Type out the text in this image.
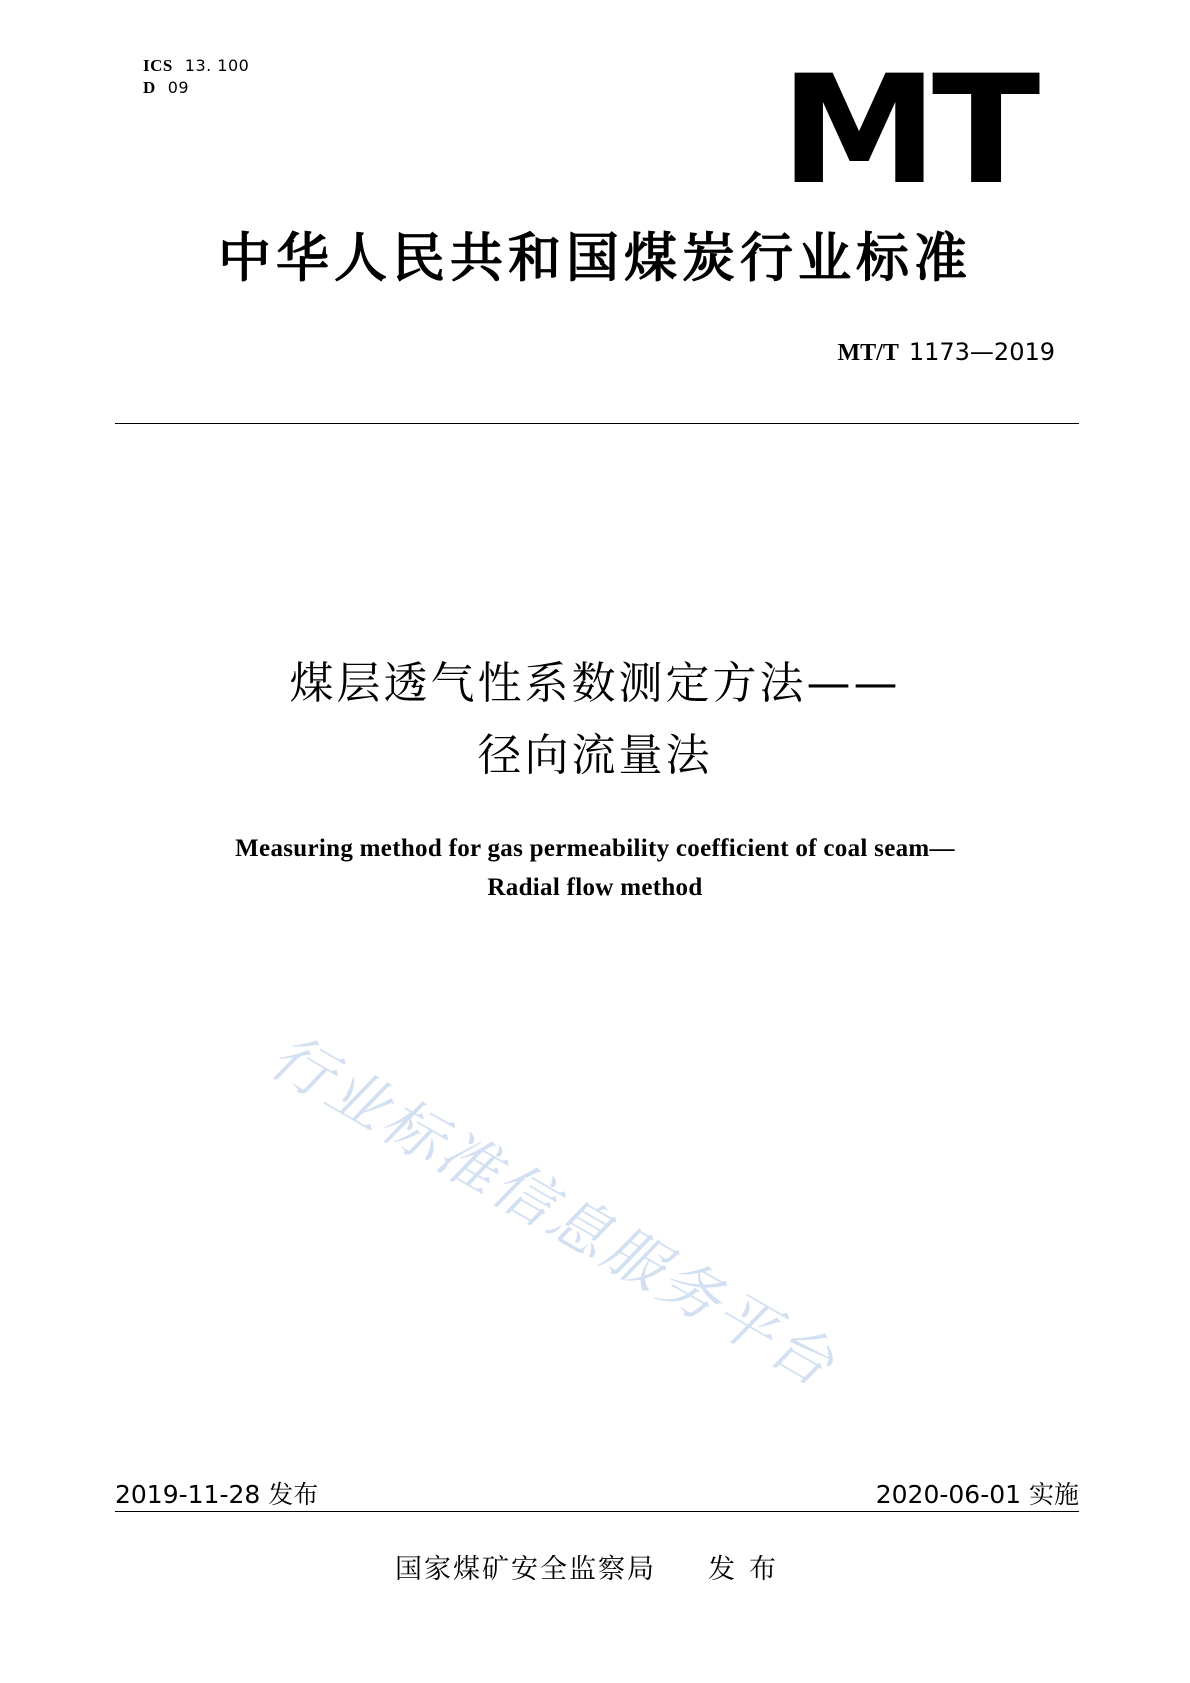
ICS 13. 100
D 09	MT
中华人民共和国煤炭行业标准
MT/T 1173—2019
煤层透气性系数测定方法——
径向流量法
Measuring method for gas permeability coefficient of coal seam—
Radial flow method
行业标准信息服务平台
2019-11-28 发布	2020-06-01 实施
国家煤矿安全监察局 发布
